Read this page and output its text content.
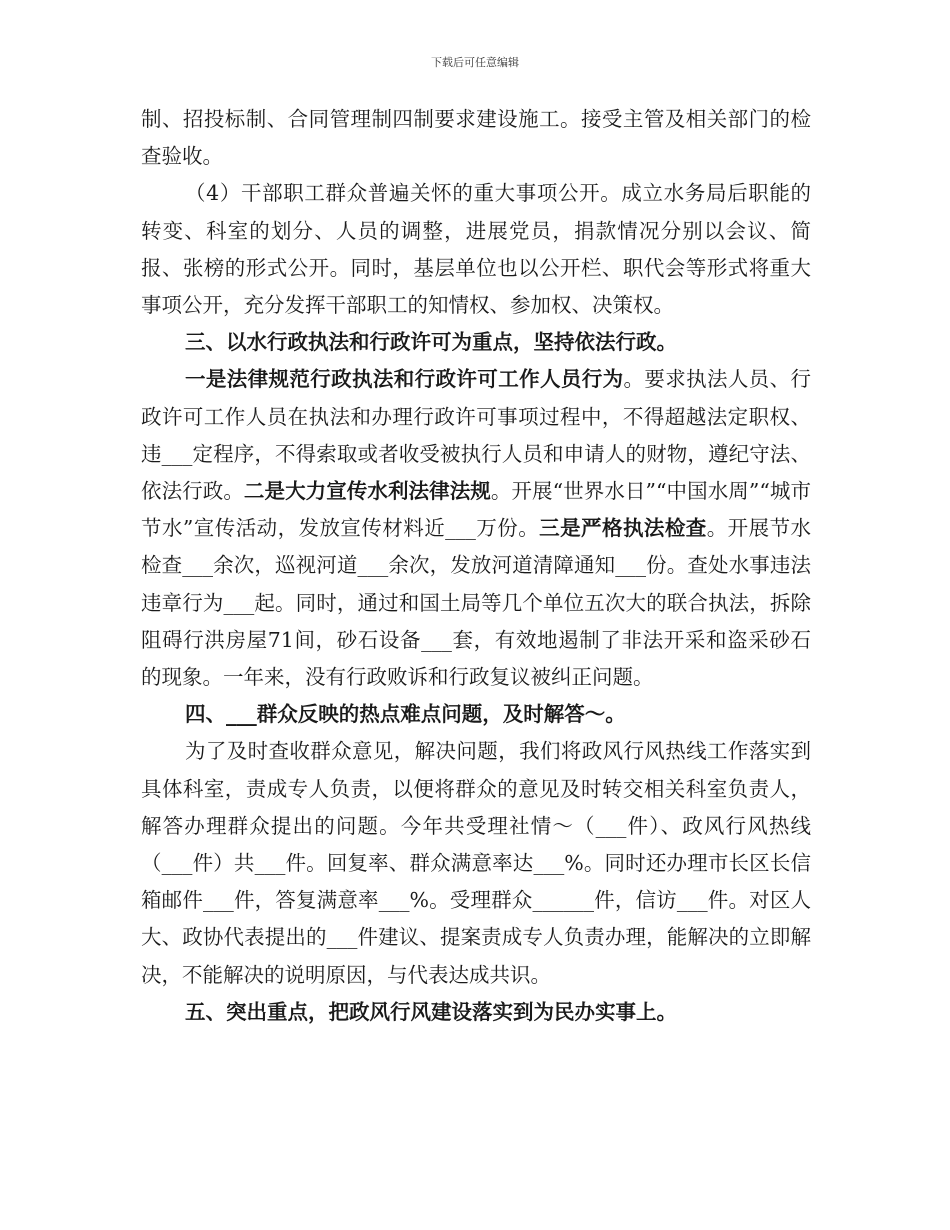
下载后可任意编辑

制、招投标制、合同管理制四制要求建设施工。接受主管及相关部门的检查验收。

（4）干部职工群众普遍关怀的重大事项公开。成立水务局后职能的转变、科室的划分、人员的调整，进展党员，捐款情况分别以会议、简报、张榜的形式公开。同时，基层单位也以公开栏、职代会等形式将重大事项公开，充分发挥干部职工的知情权、参加权、决策权。

三、以水行政执法和行政许可为重点，坚持依法行政。

一是法律规范行政执法和行政许可工作人员行为。要求执法人员、行政许可工作人员在执法和办理行政许可事项过程中，不得超越法定职权、违___定程序，不得索取或者收受被执行人员和申请人的财物，遵纪守法、依法行政。二是大力宣传水利法律法规。开展“世界水日”“中国水周”“城市节水”宣传活动，发放宣传材料近___万份。三是严格执法检查。开展节水检查___余次，巡视河道___余次，发放河道清障通知___份。查处水事违法违章行为___起。同时，通过和国土局等几个单位五次大的联合执法，拆除阻碍行洪房屋71间，砂石设备___套，有效地遏制了非法开采和盗采砂石的现象。一年来，没有行政败诉和行政复议被纠正问题。

四、___群众反映的热点难点问题，及时解答～。

为了及时查收群众意见，解决问题，我们将政风行风热线工作落实到具体科室，责成专人负责，以便将群众的意见及时转交相关科室负责人，解答办理群众提出的问题。今年共受理社情～（___件）、政风行风热线（___件）共___件。回复率、群众满意率达___%。同时还办理市长区长信箱邮件___件，答复满意率___%。受理群众______件，信访___件。对区人大、政协代表提出的___件建议、提案责成专人负责办理，能解决的立即解决，不能解决的说明原因，与代表达成共识。

五、突出重点，把政风行风建设落实到为民办实事上。
